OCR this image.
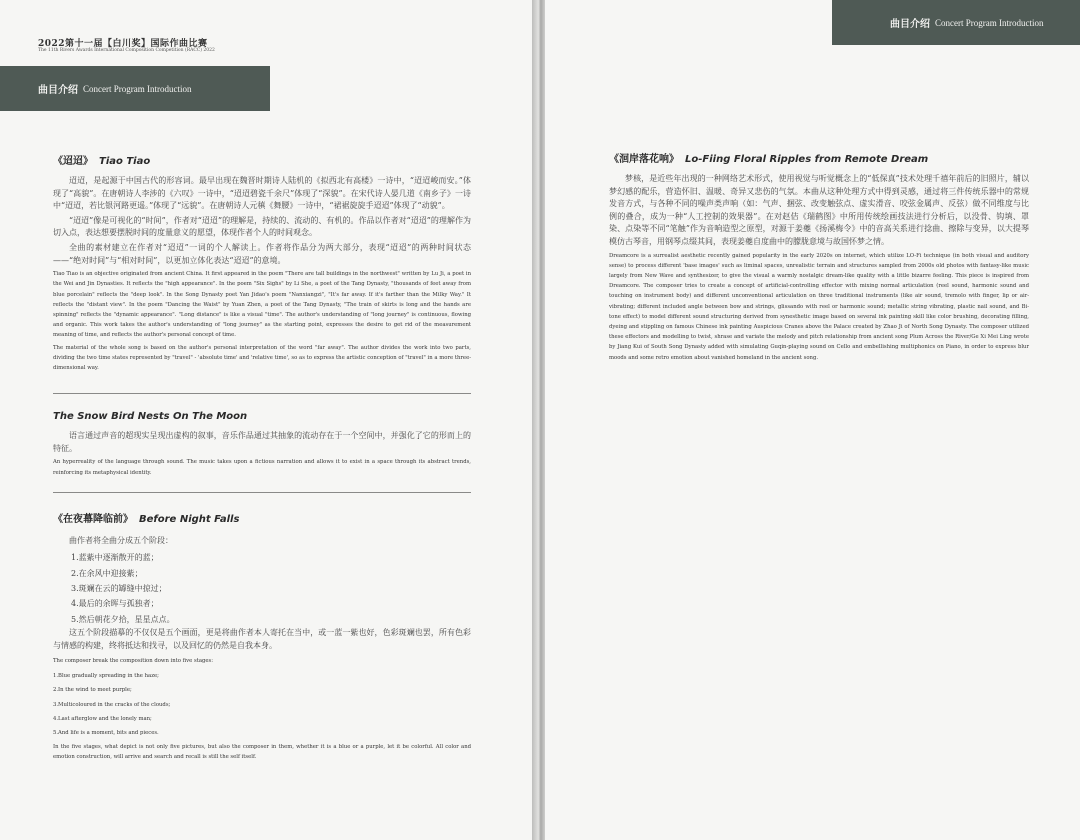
2022第十一届【白川奖】国际作曲比赛
The 11th Rivers Awards International Composition Competition (RACC) 2022
曲目介绍 Concert Program Introduction
《迢迢》 Tiao Tiao

迢迢，是起源于中国古代的形容词。最早出现在魏晋时期诗人陆机的《拟西北有高楼》一诗中，“迢迢峻而安。”体现了“高貌”。在唐朝诗人李涉的《六叹》一诗中，“迢迢碧瓷千余尺”体现了“深貌”。在宋代诗人晏几道《南乡子》一诗中“迢迢，若比银河路更遥。”体现了“远貌”。在唐朝诗人元稹《舞腰》一诗中，“裙裾旋旋手迢迢”体现了“动貌”。

“迢迢”像是可视化的“时间”，作者对“迢迢”的理解是，持续的、流动的、有机的。作品以作者对“迢迢”的理解作为切入点，表达想要摆脱时间的度量意义的愿望，体现作者个人的时间观念。

全曲的素材建立在作者对“迢迢”一词的个人解读上。作者将作品分为两大部分，表现“迢迢”的两种时间状态——“绝对时间”与“相对时间”，以更加立体化表达“迢迢”的意境。

Tiao Tiao is an objective originated from ancient China. It first appeared in the poem "There are tall buildings in the northwest" written by Lu Ji, a poet in the Wei and Jin Dynasties. It reflects the "high appearance". In the poem "Six Sighs" by Li She, a poet of the Tang Dynasty, "thousands of feet away from blue porcelain" reflects the "deep look". In the Song Dynasty poet Yan Jidao's poem "Nanxiangzi", "It's far away. If it's farther than the Milky Way." It reflects the "distant view". In the poem "Dancing the Waist" by Yuan Zhen, a poet of the Tang Dynasty, "The train of skirts is long and the hands are spinning" reflects the "dynamic appearance". "Long distance" is like a visual "time". The author's understanding of "long journey" is continuous, flowing and organic. This work takes the author's understanding of "long journey" as the starting point, expresses the desire to get rid of the measurement meaning of time, and reflects the author's personal concept of time.

The material of the whole song is based on the author's personal interpretation of the word "far away". The author divides the work into two parts, dividing the two time states represented by "travel" - 'absolute time' and 'relative time', so as to express the artistic conception of "travel" in a more three-dimensional way.

The Snow Bird Nests On The Moon

语言通过声音的超现实呈现出虚构的叙事，音乐作品通过其抽象的流动存在于一个空间中，并强化了它的形而上的特征。

An hyperreality of the language through sound. The music takes upon a fictious narration and allows it to exist in a space through its abstract trends, reinforcing its metaphysical identity.

《在夜幕降临前》 Before Night Falls

曲作者将全曲分成五个阶段：

1.蓝紫中逐渐散开的蓝；
2.在余风中迎接紫；
3.斑斓在云的罅缝中掠过；
4.最后的余晖与孤独者；
5.然后朝花夕拾，星星点点。

这五个阶段描摹的不仅仅是五个画面，更是将曲作者本人寄托在当中，或一蓝一紫也好，色彩斑斓也罢，所有色彩与情感的构建，终将抵达和找寻，以及回忆的仍然是自我本身。

The composer break the composition down into five stages:
1.Blue gradually spreading in the haze;
2.In the wind to meet purple;
3.Multicoloured in the cracks of the clouds;
4.Last afterglow and the lonely man;
5.And life is a moment, bits and pieces.

In the five stages, what depict is not only five pictures, but also the composer in them, whether it is a blue or a purple, let it be colorful. All color and emotion construction, will arrive and search and recall is still the self itself.

曲目介绍 Concert Program Introduction
《洄岸落花响》 Lo-Fiing Floral Ripples from Remote Dream

梦核，是近些年出现的一种网络艺术形式，使用视觉与听觉概念上的“低保真”技术处理千禧年前后的旧照片，辅以梦幻感的配乐，营造怀旧、温暖、奇异又悲伤的气氛。本曲从这种处理方式中得到灵感，通过将三件传统乐器中的常规发音方式，与各种不同的噪声类声响（如：气声、捆弦、改变触弦点、虚实滑音、咬弦金属声、反弦）做不同维度与比例的叠合，成为一种“人工控制的效果器”。在对赵佶《瑞鹤图》中所用传统绘画技法进行分析后，以没骨、钩填、罩染、点染等不同“笔触”作为音响造型之原型，对源于姜夔《扬溪梅令》中的音高关系进行捻曲、擦除与变异，以大提琴模仿古琴音，用钢琴点缀其间，表现姜夔自度曲中的朦胧意境与故国怀梦之情。

Dreamcore is a surrealist aesthetic recently gained popularity in the early 2020s on internet, which utilize LO-Fi technique (in both visual and auditory sense) to process different 'base images' such as liminal spaces, unrealistic terrain and structures sampled from 2000s old photos with fantasy-like music largely from New Wave and synthesizer, to give the visual a warmly nostalgic dream-like quality with a little bizarre feeling. This piece is inspired from Dreamcore. The composer tries to create a concept of artificial-controlling effector with mixing normal articulation (reel sound, harmonic sound and touching on instrument body) and different unconventional articulation on three traditional instruments (like air sound, tremolo with finger, lip or air-vibrating; different included angle between bow and strings, glissando with reel or harmonic sound; metallic string vibrating, plastic nail sound, and Bi-tone effect) to model different sound structuring derived from synesthetic image based on several ink painting skill like color brushing, decorating filling, dyeing and stippling on famous Chinese ink painting Auspicious Cranes above the Palace created by Zhao Ji of North Song Dynasty. The composer utilized these effectors and modelling to twist, shrase and variate the melody and pitch relationship from ancient song Plum Across the River/Ge Xi Mei Ling wrote by Jiang Kui of South Song Dynasty added with simulating Guqin-playing sound on Cello and embellishing multiphonics on Piano, in order to express blur moods and some retro emotion about vanished homeland in the ancient song.
